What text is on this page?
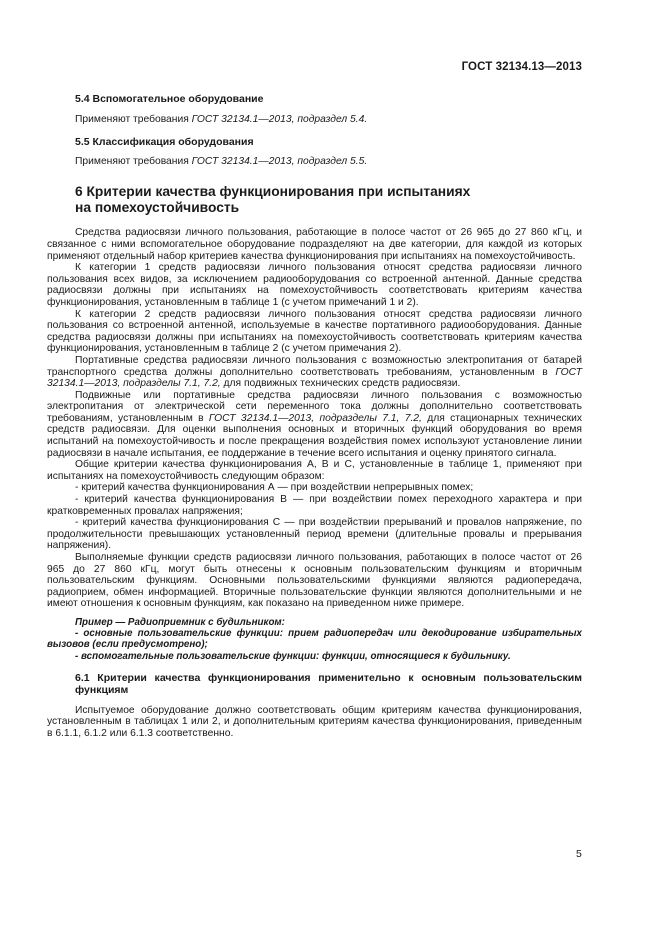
ГОСТ 32134.13—2013

5.4 Вспомогательное оборудование

Применяют требования ГОСТ 32134.1—2013, подраздел 5.4.

5.5 Классификация оборудования

Применяют требования ГОСТ 32134.1—2013, подраздел 5.5.

6 Критерии качества функционирования при испытаниях
на помехоустойчивость

Средства радиосвязи личного пользования, работающие в полосе частот от 26 965 до 27 860 кГц, и связанное с ними вспомогательное оборудование подразделяют на две категории, для каждой из которых применяют отдельный набор критериев качества функционирования при испытаниях на помехоустойчивость.

К категории 1 средств радиосвязи личного пользования относят средства радиосвязи личного пользования всех видов, за исключением радиооборудования со встроенной антенной. Данные средства радиосвязи должны при испытаниях на помехоустойчивость соответствовать критериям качества функционирования, установленным в таблице 1 (с учетом примечаний 1 и 2).

К категории 2 средств радиосвязи личного пользования относят средства радиосвязи личного пользования со встроенной антенной, используемые в качестве портативного радиооборудования. Данные средства радиосвязи должны при испытаниях на помехоустойчивость соответствовать критериям качества функционирования, установленным в таблице 2 (с учетом примечания 2).

Портативные средства радиосвязи личного пользования с возможностью электропитания от батарей транспортного средства должны дополнительно соответствовать требованиям, установленным в ГОСТ 32134.1—2013, подразделы 7.1, 7.2, для подвижных технических средств радиосвязи.

Подвижные или портативные средства радиосвязи личного пользования с возможностью электропитания от электрической сети переменного тока должны дополнительно соответствовать требованиям, установленным в ГОСТ 32134.1—2013, подразделы 7.1, 7.2, для стационарных технических средств радиосвязи. Для оценки выполнения основных и вторичных функций оборудования во время испытаний на помехоустойчивость и после прекращения воздействия помех используют установление линии радиосвязи в начале испытания, ее поддержание в течение всего испытания и оценку принятого сигнала.

Общие критерии качества функционирования А, В и С, установленные в таблице 1, применяют при испытаниях на помехоустойчивость следующим образом:

- критерий качества функционирования А — при воздействии непрерывных помех;

- критерий качества функционирования В — при воздействии помех переходного характера и при кратковременных провалах напряжения;

- критерий качества функционирования С — при воздействии прерываний и провалов напряжение, по продолжительности превышающих установленный период времени (длительные провалы и прерывания напряжения).

Выполняемые функции средств радиосвязи личного пользования, работающих в полосе частот от 26 965 до 27 860 кГц, могут быть отнесены к основным пользовательским функциям и вторичным пользовательским функциям. Основными пользовательскими функциями являются радиопередача, радиоприем, обмен информацией. Вторичные пользовательские функции являются дополнительными и не имеют отношения к основным функциям, как показано на приведенном ниже примере.

Пример — Радиоприемник с будильником:

- основные пользовательские функции: прием радиопередач или декодирование избирательных вызовов (если предусмотрено);

- вспомогательные пользовательские функции: функции, относящиеся к будильнику.

6.1 Критерии качества функционирования применительно к основным пользовательским функциям

Испытуемое оборудование должно соответствовать общим критериям качества функционирования, установленным в таблицах 1 или 2, и дополнительным критериям качества функционирования, приведенным в 6.1.1, 6.1.2 или 6.1.3 соответственно.

5
